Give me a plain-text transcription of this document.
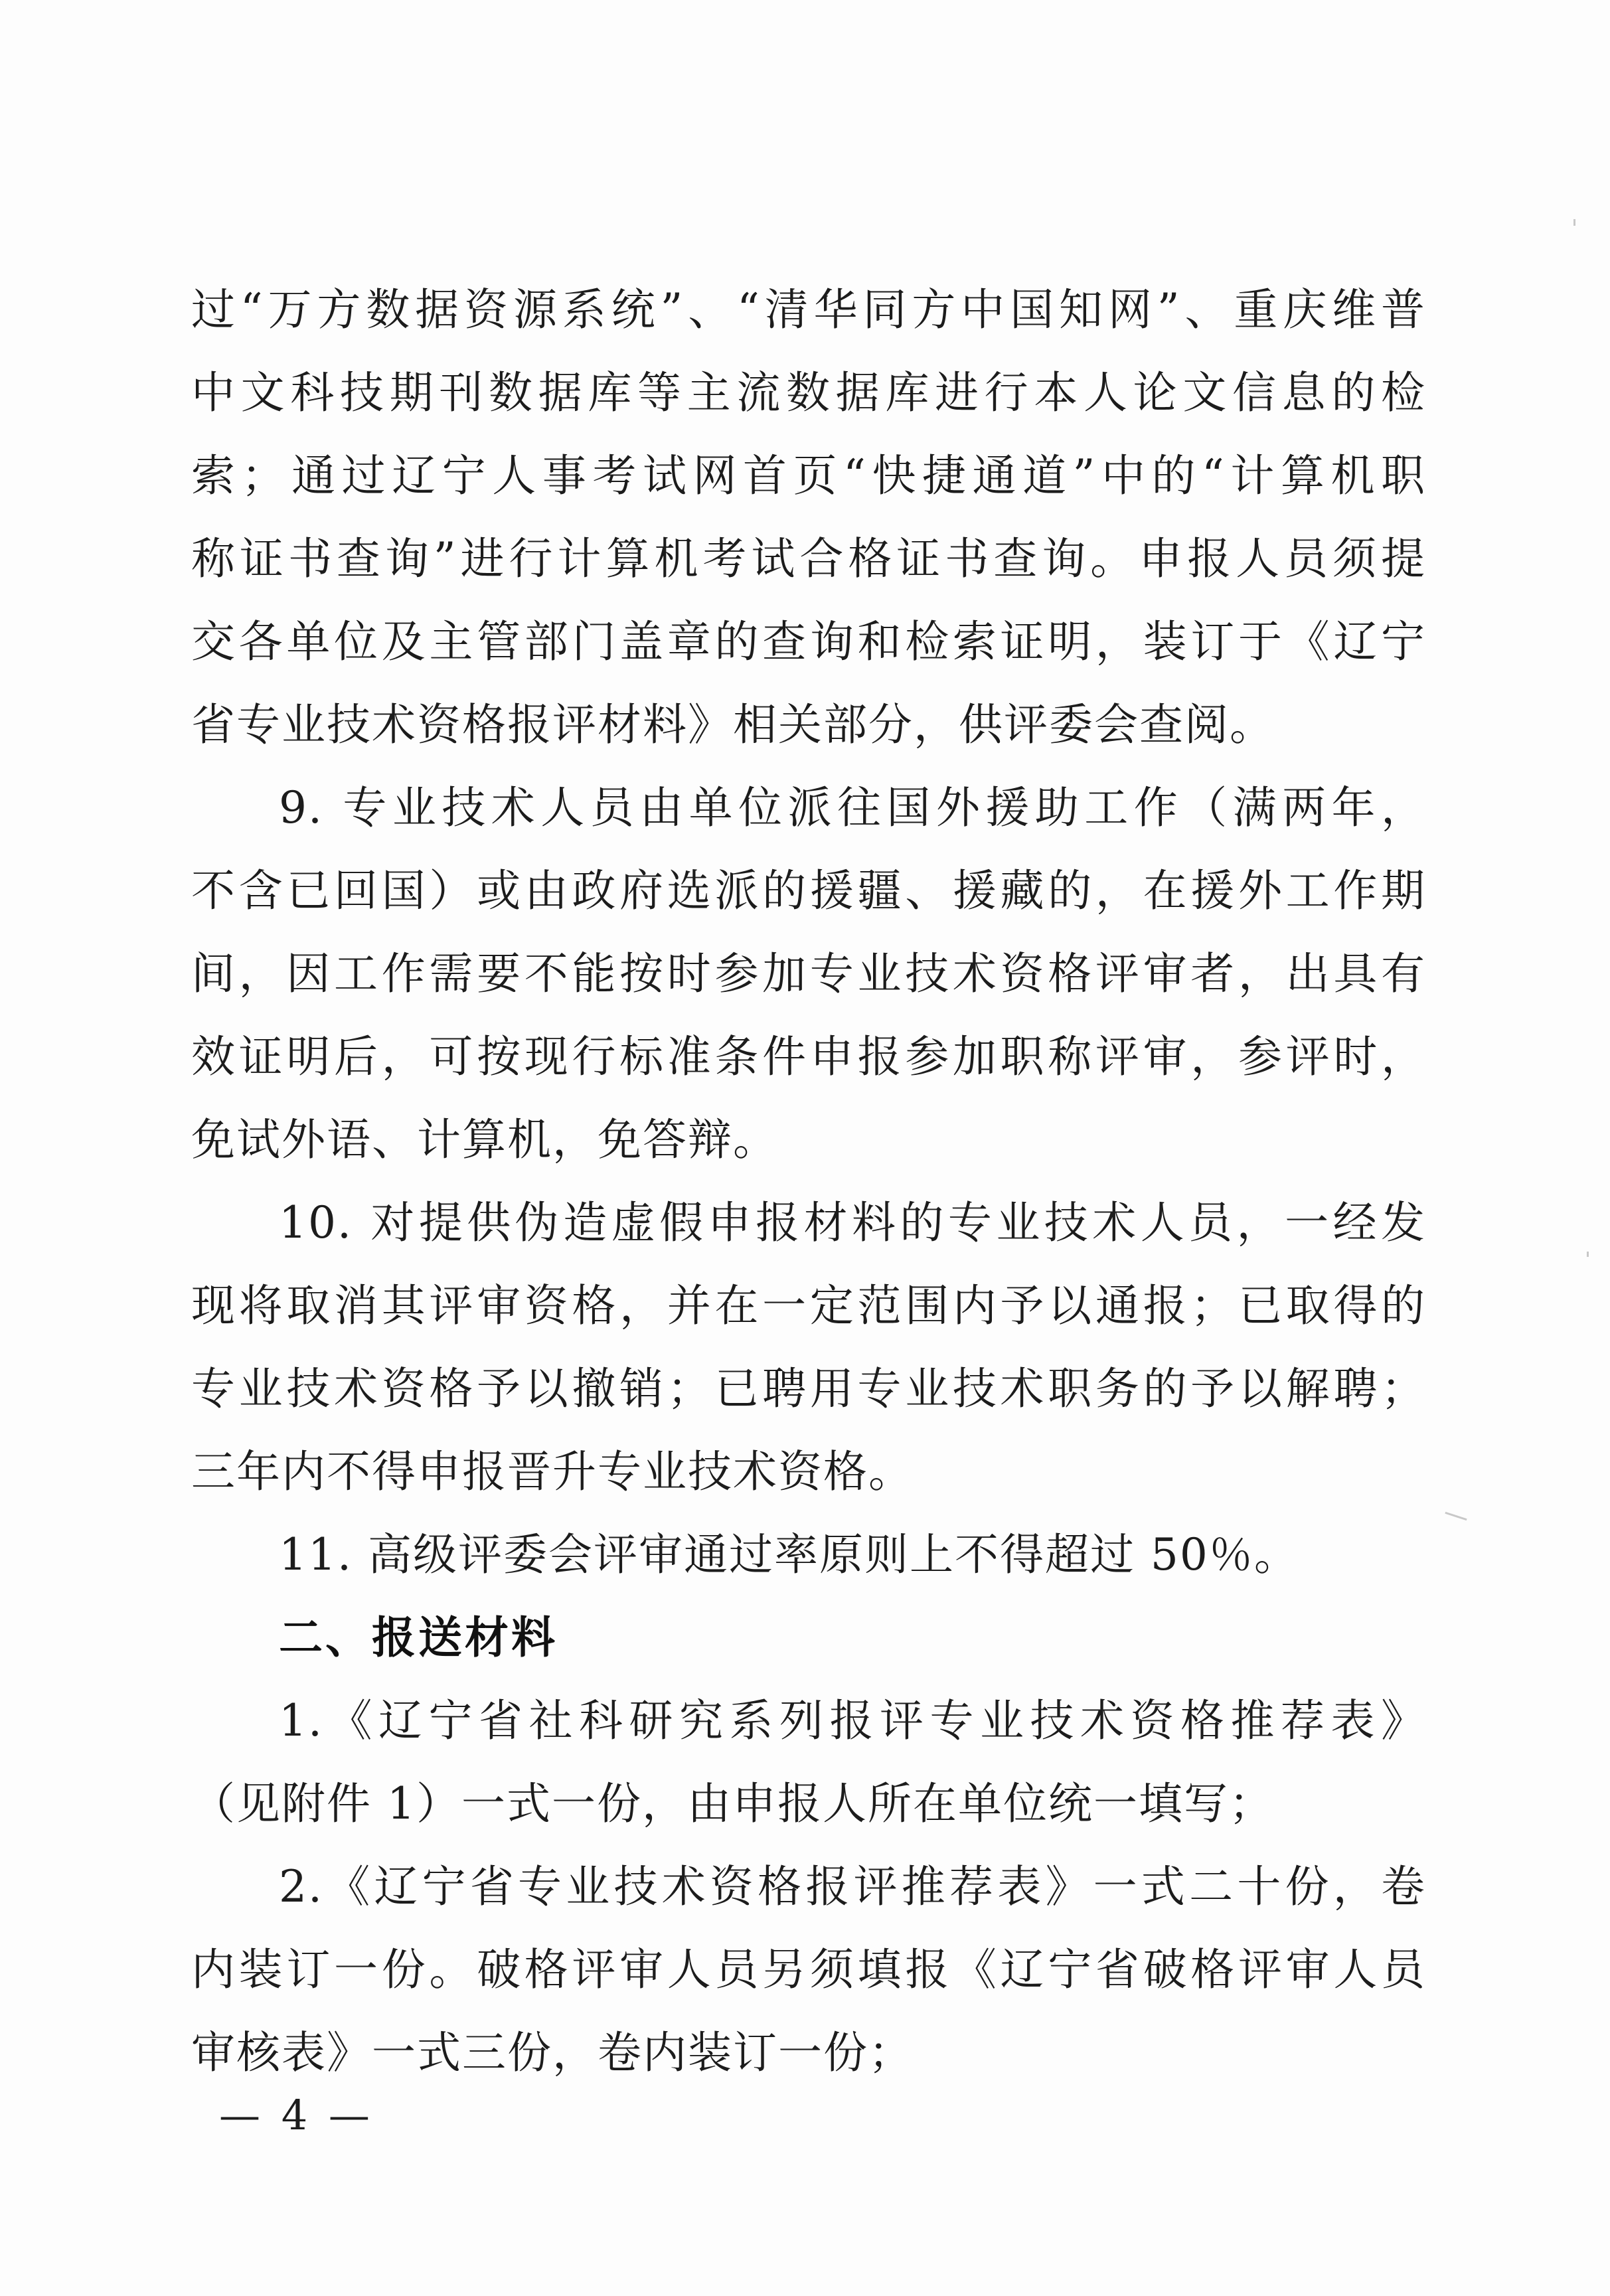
过“万方数据资源系统”、“清华同方中国知网”、重庆维普
中文科技期刊数据库等主流数据库进行本人论文信息的检
索；通过辽宁人事考试网首页“快捷通道”中的“计算机职
称证书查询”进行计算机考试合格证书查询。申报人员须提
交各单位及主管部门盖章的查询和检索证明，装订于《辽宁
省专业技术资格报评材料》相关部分，供评委会查阅。
9. 专业技术人员由单位派往国外援助工作（满两年，
不含已回国）或由政府选派的援疆、援藏的，在援外工作期
间，因工作需要不能按时参加专业技术资格评审者，出具有
效证明后，可按现行标准条件申报参加职称评审，参评时，
免试外语、计算机，免答辩。
10. 对提供伪造虚假申报材料的专业技术人员，一经发
现将取消其评审资格，并在一定范围内予以通报；已取得的
专业技术资格予以撤销；已聘用专业技术职务的予以解聘；
三年内不得申报晋升专业技术资格。
11. 高级评委会评审通过率原则上不得超过 50％。
二、报送材料
1.《辽宁省社科研究系列报评专业技术资格推荐表》
（见附件 1）一式一份，由申报人所在单位统一填写；
2.《辽宁省专业技术资格报评推荐表》一式二十份，卷
内装订一份。破格评审人员另须填报《辽宁省破格评审人员
审核表》一式三份，卷内装订一份；
— 4 —
